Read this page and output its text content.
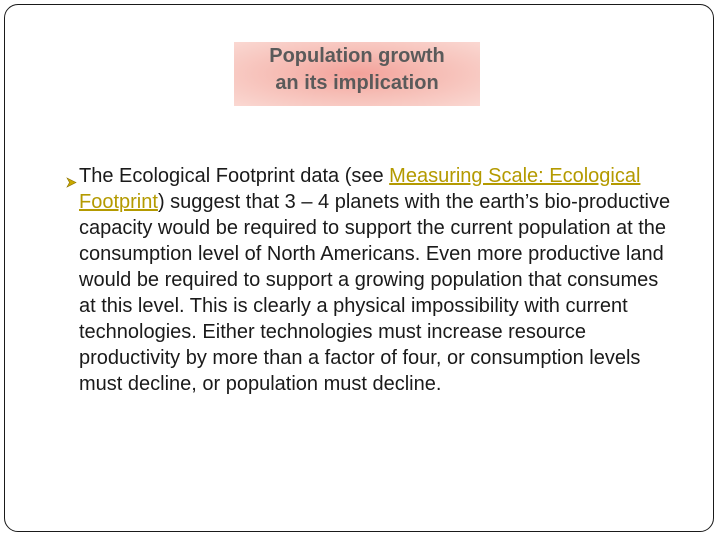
Population growth
an its implication
The Ecological Footprint data (see Measuring Scale: Ecological Footprint) suggest that 3 – 4 planets with the earth’s bio-productive capacity would be required to support the current population at the consumption level of North Americans. Even more productive land would be required to support a growing population that consumes at this level. This is clearly a physical impossibility with current technologies. Either technologies must increase resource productivity by more than a factor of four, or consumption levels must decline, or population must decline.
